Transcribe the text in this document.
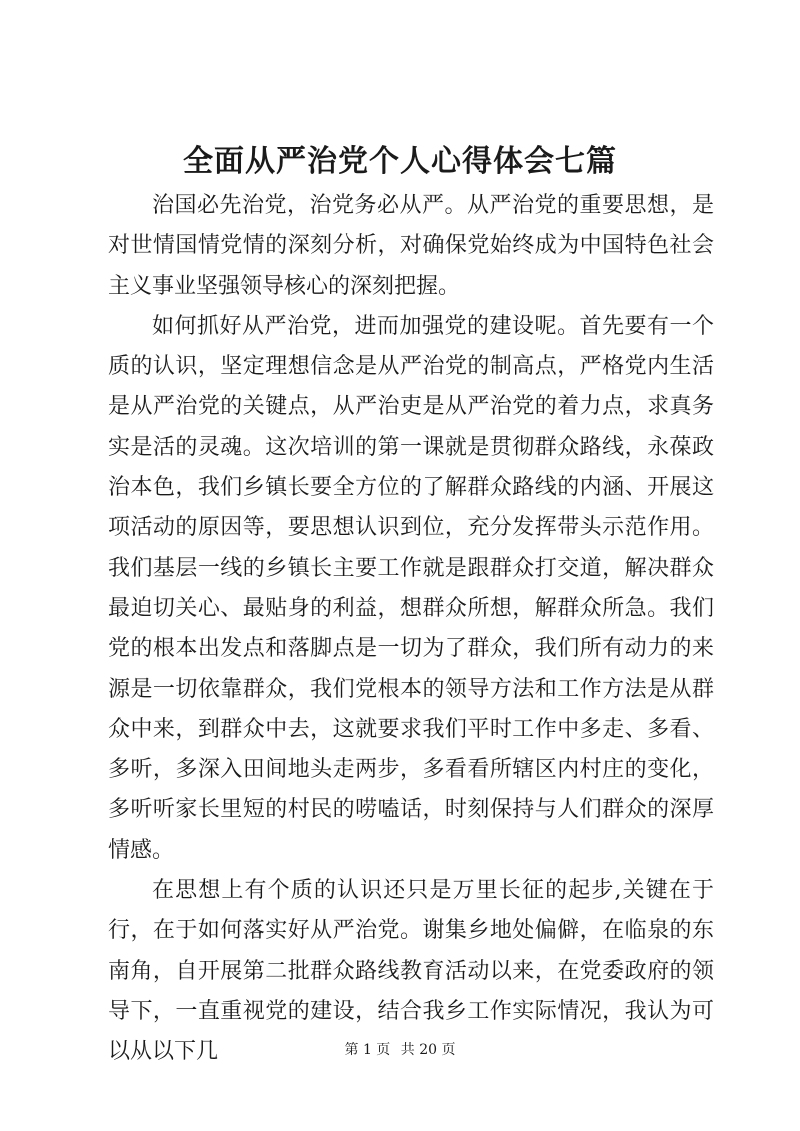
全面从严治党个人心得体会七篇

治国必先治党，治党务必从严。从严治党的重要思想，是对世情国情党情的深刻分析，对确保党始终成为中国特色社会主义事业坚强领导核心的深刻把握。

如何抓好从严治党，进而加强党的建设呢。首先要有一个质的认识，坚定理想信念是从严治党的制高点，严格党内生活是从严治党的关键点，从严治吏是从严治党的着力点，求真务实是活的灵魂。这次培训的第一课就是贯彻群众路线，永葆政治本色，我们乡镇长要全方位的了解群众路线的内涵、开展这项活动的原因等，要思想认识到位，充分发挥带头示范作用。我们基层一线的乡镇长主要工作就是跟群众打交道，解决群众最迫切关心、最贴身的利益，想群众所想，解群众所急。我们党的根本出发点和落脚点是一切为了群众，我们所有动力的来源是一切依靠群众，我们党根本的领导方法和工作方法是从群众中来，到群众中去，这就要求我们平时工作中多走、多看、多听，多深入田间地头走两步，多看看所辖区内村庄的变化，多听听家长里短的村民的唠嗑话，时刻保持与人们群众的深厚情感。

在思想上有个质的认识还只是万里长征的起步,关键在于行，在于如何落实好从严治党。谢集乡地处偏僻，在临泉的东南角，自开展第二批群众路线教育活动以来，在党委政府的领导下，一直重视党的建设，结合我乡工作实际情况，我认为可以从以下几	第 1 页 共 20 页
